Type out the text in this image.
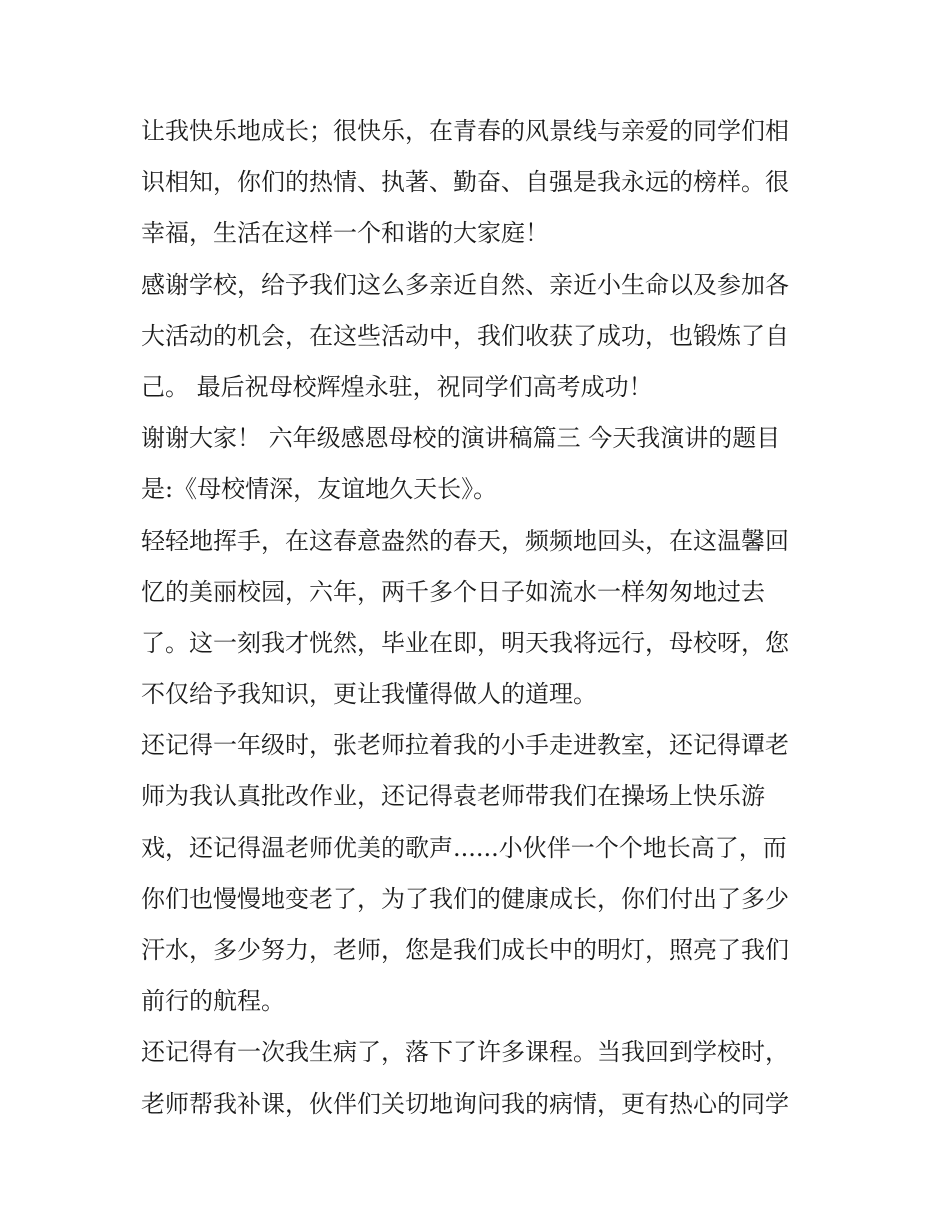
让我快乐地成长；很快乐，在青春的风景线与亲爱的同学们相
识相知，你们的热情、执著、勤奋、自强是我永远的榜样。很
幸福，生活在这样一个和谐的大家庭！
感谢学校，给予我们这么多亲近自然、亲近小生命以及参加各
大活动的机会，在这些活动中，我们收获了成功，也锻炼了自
己。 最后祝母校辉煌永驻，祝同学们高考成功！
谢谢大家！ 六年级感恩母校的演讲稿篇三 今天我演讲的题目
是:《母校情深，友谊地久天长》。
轻轻地挥手，在这春意盎然的春天，频频地回头，在这温馨回
忆的美丽校园，六年，两千多个日子如流水一样匆匆地过去
了。这一刻我才恍然，毕业在即，明天我将远行，母校呀，您
不仅给予我知识，更让我懂得做人的道理。
还记得一年级时，张老师拉着我的小手走进教室，还记得谭老
师为我认真批改作业，还记得袁老师带我们在操场上快乐游
戏，还记得温老师优美的歌声......小伙伴一个个地长高了，而
你们也慢慢地变老了，为了我们的健康成长，你们付出了多少
汗水，多少努力，老师，您是我们成长中的明灯，照亮了我们
前行的航程。
还记得有一次我生病了，落下了许多课程。当我回到学校时，
老师帮我补课，伙伴们关切地询问我的病情，更有热心的同学
